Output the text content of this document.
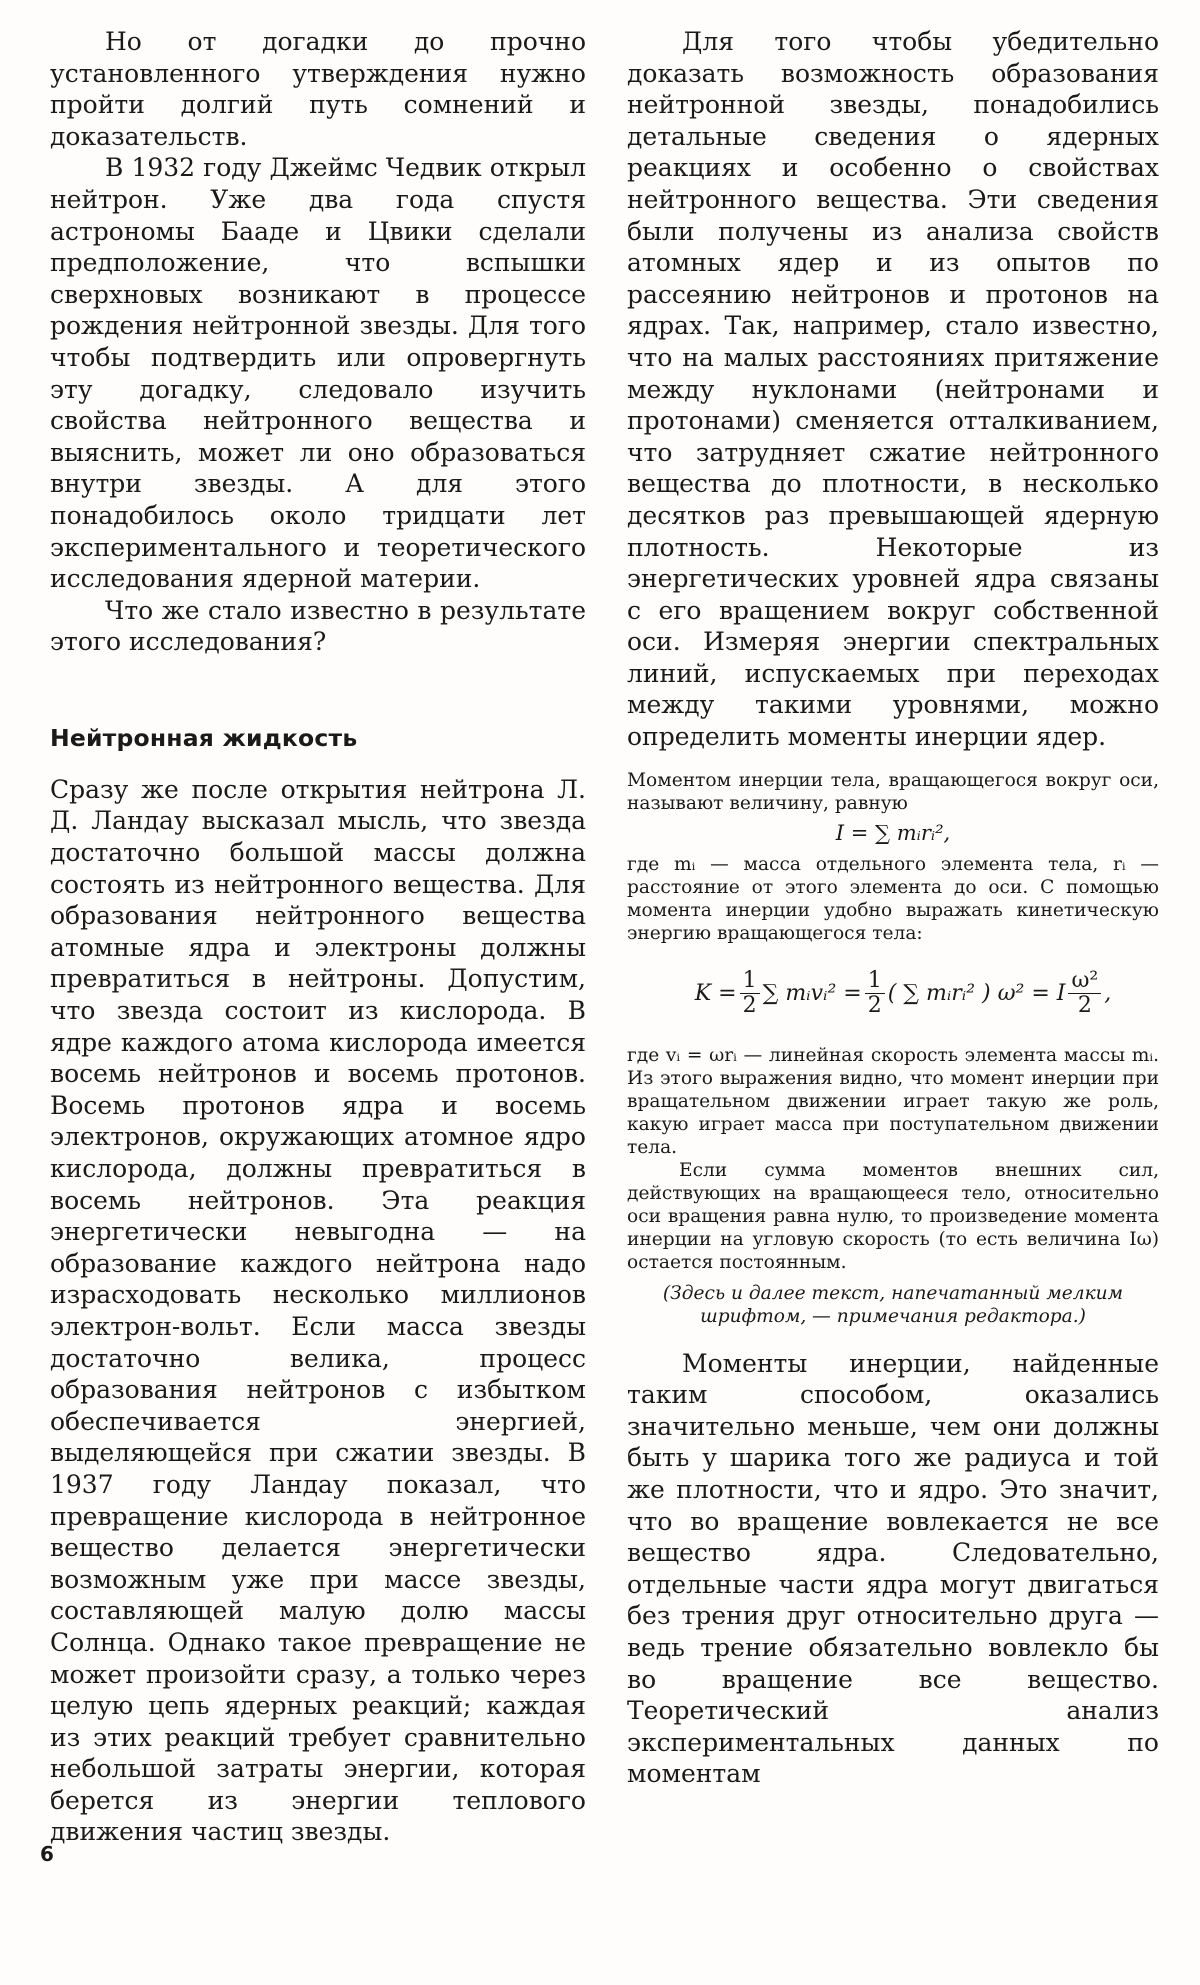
Но от догадки до прочно установленного утверждения нужно пройти долгий путь сомнений и доказательств.

В 1932 году Джеймс Чедвик открыл нейтрон. Уже два года спустя астрономы Бааде и Цвики сделали предположение, что вспышки сверхновых возникают в процессе рождения нейтронной звезды. Для того чтобы подтвердить или опровергнуть эту догадку, следовало изучить свойства нейтронного вещества и выяснить, может ли оно образоваться внутри звезды. А для этого понадобилось около тридцати лет экспериментального и теоретического исследования ядерной материи.

Что же стало известно в результате этого исследования?

Нейтронная жидкость

Сразу же после открытия нейтрона Л. Д. Ландау высказал мысль, что звезда достаточно большой массы должна состоять из нейтронного вещества. Для образования нейтронного вещества атомные ядра и электроны должны превратиться в нейтроны. Допустим, что звезда состоит из кислорода. В ядре каждого атома кислорода имеется восемь нейтронов и восемь протонов. Восемь протонов ядра и восемь электронов, окружающих атомное ядро кислорода, должны превратиться в восемь нейтронов. Эта реакция энергетически невыгодна — на образование каждого нейтрона надо израсходовать несколько миллионов электрон-вольт. Если масса звезды достаточно велика, процесс образования нейтронов с избытком обеспечивается энергией, выделяющейся при сжатии звезды. В 1937 году Ландау показал, что превращение кислорода в нейтронное вещество делается энергетически возможным уже при массе звезды, составляющей малую долю массы Солнца. Однако такое превращение не может произойти сразу, а только через целую цепь ядерных реакций; каждая из этих реакций требует сравнительно небольшой затраты энергии, которая берется из энергии теплового движения частиц звезды.

Для того чтобы убедительно доказать возможность образования нейтронной звезды, понадобились детальные сведения о ядерных реакциях и особенно о свойствах нейтронного вещества. Эти сведения были получены из анализа свойств атомных ядер и из опытов по рассеянию нейтронов и протонов на ядрах. Так, например, стало известно, что на малых расстояниях притяжение между нуклонами (нейтронами и протонами) сменяется отталкиванием, что затрудняет сжатие нейтронного вещества до плотности, в несколько десятков раз превышающей ядерную плотность. Некоторые из энергетических уровней ядра связаны с его вращением вокруг собственной оси. Измеряя энергии спектральных линий, испускаемых при переходах между такими уровнями, можно определить моменты инерции ядер.

Моментом инерции тела, вращающегося вокруг оси, называют величину, равную

I = ∑ mᵢrᵢ²,

где mᵢ — масса отдельного элемента тела, rᵢ — расстояние от этого элемента до оси. С помощью момента инерции удобно выражать кинетическую энергию вращающегося тела:

$K = \frac{1}{2}$ ∑ mᵢvᵢ² = $\frac{1}{2}$ ( ∑ mᵢrᵢ² ) ω² = I $\frac{\text{ω²}}{2}$ ,

где vᵢ = ωrᵢ — линейная скорость элемента массы mᵢ. Из этого выражения видно, что момент инерции при вращательном движении играет такую же роль, какую играет масса при поступательном движении тела.

Если сумма моментов внешних сил, действующих на вращающееся тело, относительно оси вращения равна нулю, то произведение момента инерции на угловую скорость (то есть величина Iω) остается постоянным.

(Здесь и далее текст, напечатанный мелким шрифтом, — примечания редактора.)

Моменты инерции, найденные таким способом, оказались значительно меньше, чем они должны быть у шарика того же радиуса и той же плотности, что и ядро. Это значит, что во вращение вовлекается не все вещество ядра. Следовательно, отдельные части ядра могут двигаться без трения друг относительно друга — ведь трение обязательно вовлекло бы во вращение все вещество. Теоретический анализ экспериментальных данных по моментам

6
